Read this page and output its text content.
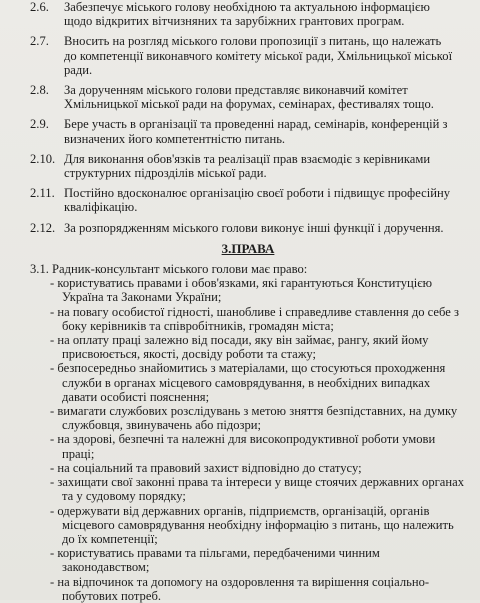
2.6. Забезпечує міського голову необхідною та актуальною інформацією
щодо відкритих вітчизняних та зарубіжних грантових програм.
2.7. Вносить на розгляд міського голови пропозиції з питань, що належать
до компетенції виконавчого комітету міської ради, Хмільницької міської
ради.
2.8. За дорученням міського голови представляє виконавчий комітет
Хмільницької міської ради на форумах, семінарах, фестивалях тощо.
2.9. Бере участь в організації та проведенні нарад, семінарів, конференцій з
визначених його компетентністю питань.
2.10. Для виконання обов'язків та реалізації прав взаємодіє з керівниками
структурних підрозділів міської ради.
2.11. Постійно вдосконалює організацію своєї роботи і підвищує професійну
кваліфікацію.
2.12. За розпорядженням міського голови виконує інші функції і доручення.
3.ПРАВА
3.1. Радник-консультант міського голови має право:
- користуватись правами і обов'язками, які гарантуються Конституцією
Україна та Законами України;
- на повагу особистої гідності, шанобливе і справедливе ставлення до себе з
боку керівників та співробітників, громадян міста;
- на оплату праці залежно від посади, яку він займає, рангу, який йому
присвоюється, якості, досвіду роботи та стажу;
- безпосередньо знайомитись з матеріалами, що стосуються проходження
служби в органах місцевого самоврядування, в необхідних випадках
давати особисті пояснення;
- вимагати службових розслідувань з метою зняття безпідставних, на думку
службовця, звинувачень або підозри;
- на здорові, безпечні та належні для високопродуктивної роботи умови
праці;
- на соціальний та правовий захист відповідно до статусу;
- захищати свої законні права та інтереси у вище стоячих державних органах
та у судовому порядку;
- одержувати від державних органів, підприємств, організацій, органів
місцевого самоврядування необхідну інформацію з питань, що належить
до їх компетенції;
- користуватись правами та пільгами, передбаченими чинним
законодавством;
- на відпочинок та допомогу на оздоровлення та вирішення соціально-
побутових потреб.
